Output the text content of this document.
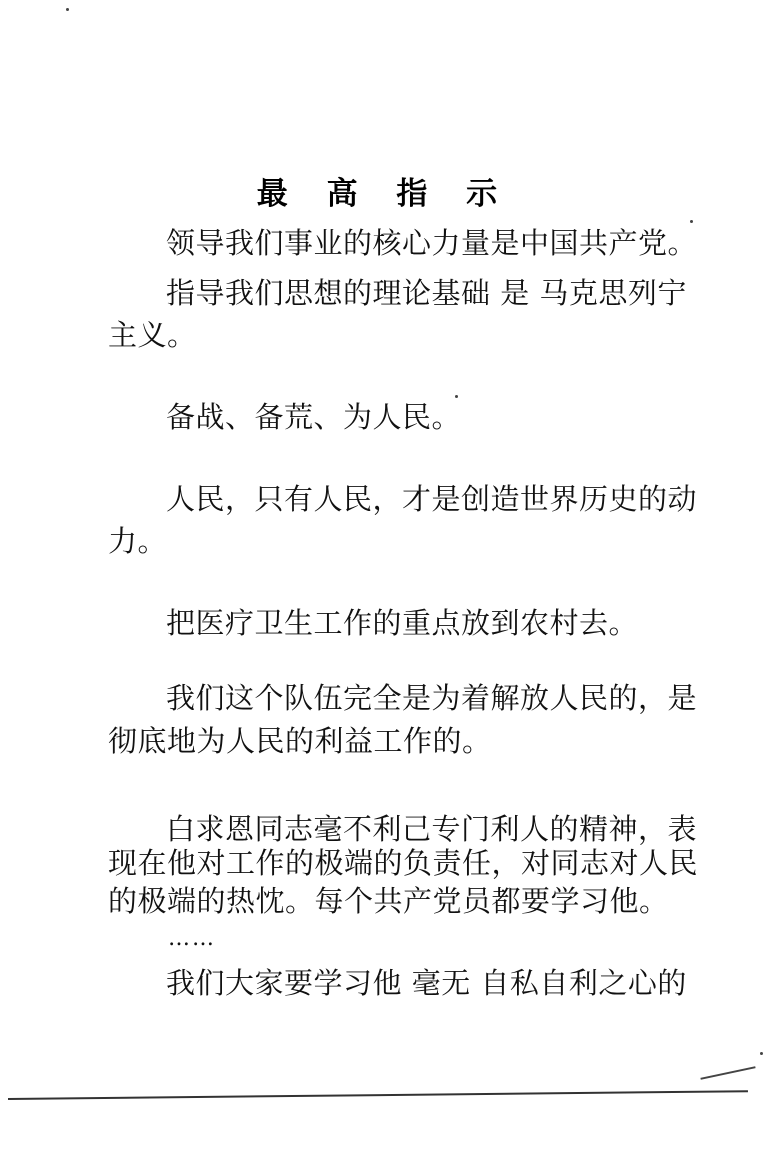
最 高 指 示
领导我们事业的核心力量是中国共产党。
指导我们思想的理论基础 是 马克思列宁
主义。
备战、备荒、为人民。
人民，只有人民，才是创造世界历史的动
力。
把医疗卫生工作的重点放到农村去。
我们这个队伍完全是为着解放人民的，是
彻底地为人民的利益工作的。
白求恩同志毫不利己专门利人的精神，表
现在他对工作的极端的负责任，对同志对人民
的极端的热忱。每个共产党员都要学习他。
……
我们大家要学习他 毫无 自私自利之心的
